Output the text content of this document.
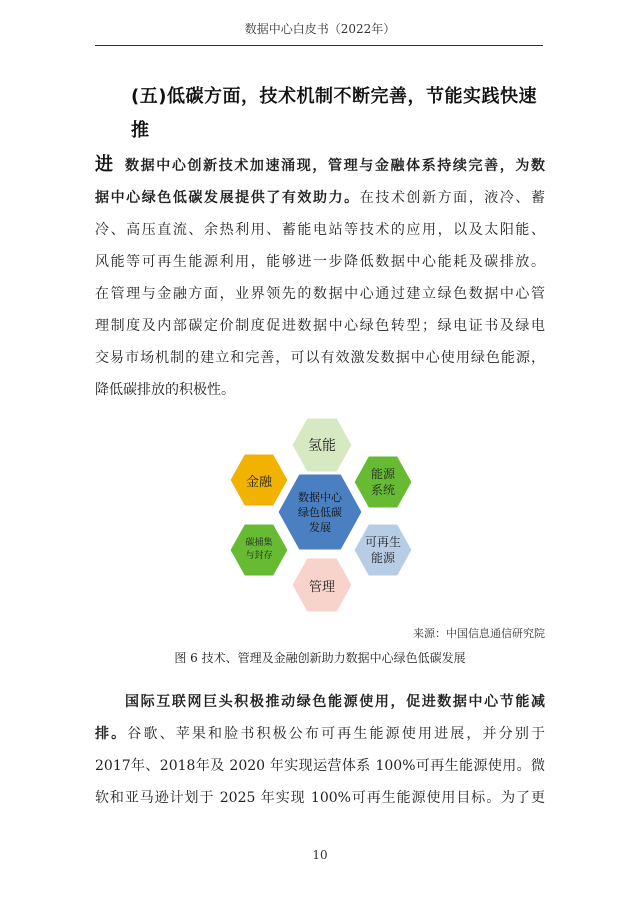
数据中心白皮书（2022年）
(五)低碳方面，技术机制不断完善，节能实践快速推
进 数据中心创新技术加速涌现，管理与金融体系持续完善，为数
据中心绿色低碳发展提供了有效助力。在技术创新方面，液冷、蓄
冷、高压直流、余热利用、蓄能电站等技术的应用，以及太阳能、
风能等可再生能源利用，能够进一步降低数据中心能耗及碳排放。
在管理与金融方面，业界领先的数据中心通过建立绿色数据中心管
理制度及内部碳定价制度促进数据中心绿色转型；绿电证书及绿电
交易市场机制的建立和完善，可以有效激发数据中心使用绿色能源，
降低碳排放的积极性。
氢能
金融
能源
系统
数据中心
绿色低碳
发展
碳捕集
与封存
可再生
能源
管理
来源：中国信息通信研究院
图 6 技术、管理及金融创新助力数据中心绿色低碳发展
国际互联网巨头积极推动绿色能源使用，促进数据中心节能减
排。谷歌、苹果和脸书积极公布可再生能源使用进展，并分别于
2017年、2018年及 2020 年实现运营体系 100%可再生能源使用。微
软和亚马逊计划于 2025 年实现 100%可再生能源使用目标。为了更
10
